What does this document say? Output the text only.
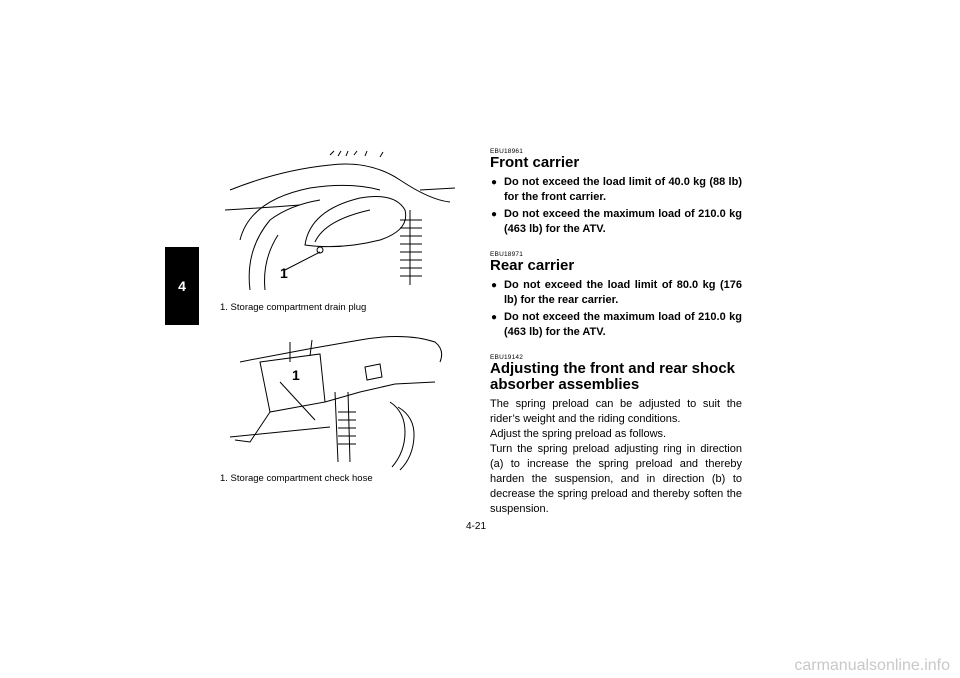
4
1
1. Storage compartment drain plug
1
1. Storage compartment check hose

EBU18961

Front carrier
● Do not exceed the load limit of 40.0 kg (88 lb) for the front carrier.
● Do not exceed the maximum load of 210.0 kg (463 lb) for the ATV.

EBU18971

Rear carrier
● Do not exceed the load limit of 80.0 kg (176 lb) for the rear carrier.
● Do not exceed the maximum load of 210.0 kg (463 lb) for the ATV.

EBU19142

Adjusting the front and rear shock absorber assemblies

The spring preload can be adjusted to suit the rider’s weight and the riding conditions.

Adjust the spring preload as follows.

Turn the spring preload adjusting ring in direction (a) to increase the spring preload and thereby harden the suspension, and in direction (b) to decrease the spring preload and thereby soften the suspension.

4-21
carmanualsonline.info
